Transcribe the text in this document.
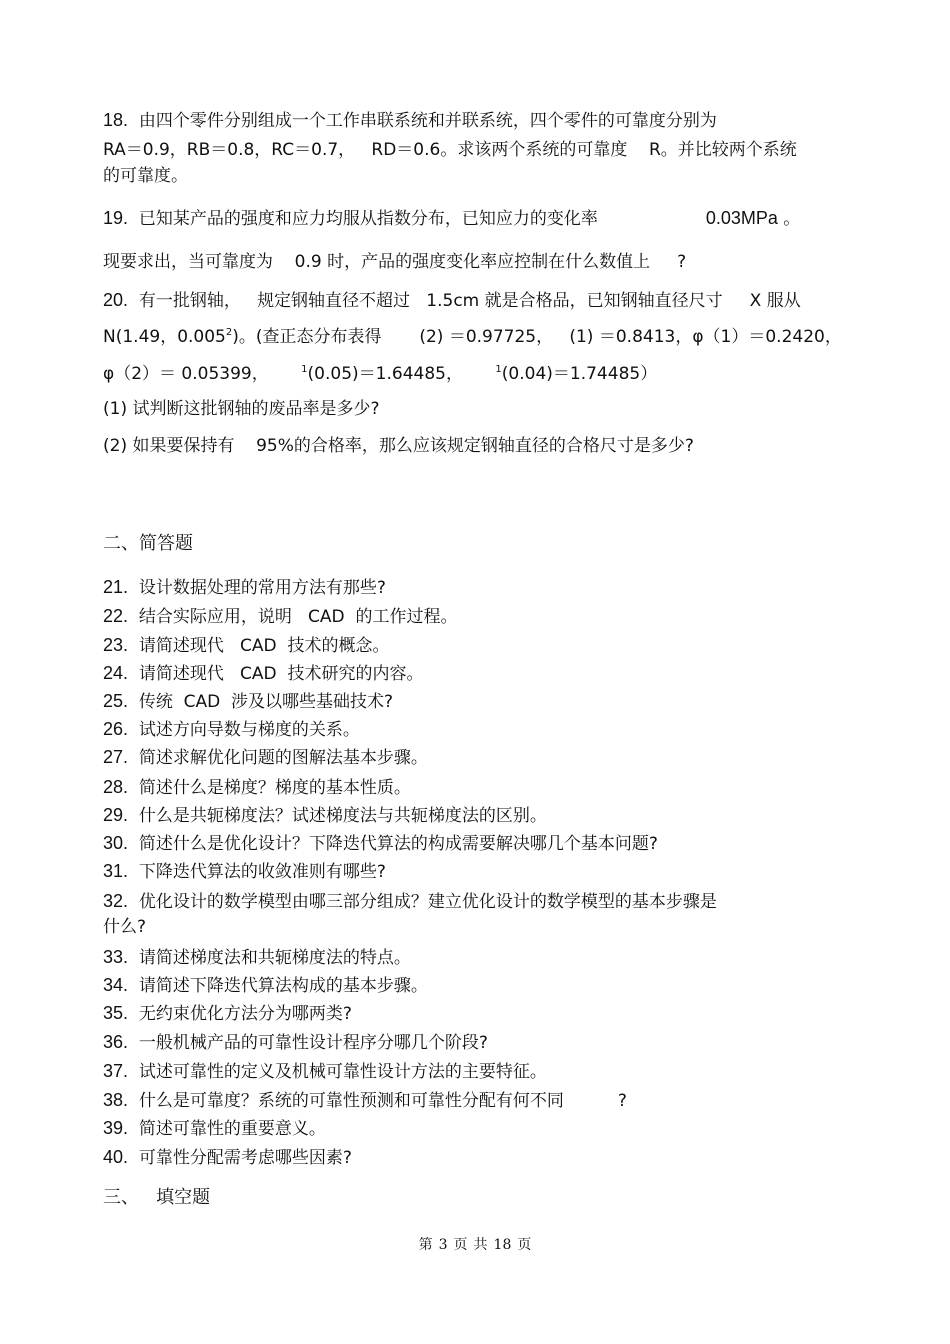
18. 由四个零件分别组成一个工作串联系统和并联系统，四个零件的可靠度分别为
RA＝0.9，RB＝0.8，RC＝0.7， RD＝0.6。求该两个系统的可靠度 R。并比较两个系统
的可靠度。
19. 已知某产品的强度和应力均服从指数分布，已知应力的变化率	0.03MPa 。
现要求出，当可靠度为 0.9 时，产品的强度变化率应控制在什么数值上 ?
20. 有一批钢轴， 规定钢轴直径不超过 1.5cm 就是合格品，已知钢轴直径尺寸 X 服从
N(1.49，0.005$^2$)。(查正态分布表得 (2) ＝0.97725， (1) ＝0.8413，φ（1）＝0.2420，
φ（2）＝ 0.05399，	$^1$(0.05)＝1.64485，	$^1$(0.04)＝1.74485）
(1) 试判断这批钢轴的废品率是多少?
(2) 如果要保持有 95%的合格率，那么应该规定钢轴直径的合格尺寸是多少?
二、简答题
21. 设计数据处理的常用方法有那些?
22. 结合实际应用，说明   CAD  的工作过程。
23. 请简述现代   CAD  技术的概念。
24. 请简述现代   CAD  技术研究的内容。
25. 传统  CAD  涉及以哪些基础技术?
26. 试述方向导数与梯度的关系。
27. 简述求解优化问题的图解法基本步骤。
28. 简述什么是梯度？梯度的基本性质。
29. 什么是共轭梯度法？试述梯度法与共轭梯度法的区别。
30. 简述什么是优化设计？下降迭代算法的构成需要解决哪几个基本问题?
31. 下降迭代算法的收敛准则有哪些?
32. 优化设计的数学模型由哪三部分组成？建立优化设计的数学模型的基本步骤是
什么?
33. 请简述梯度法和共轭梯度法的特点。
34. 请简述下降迭代算法构成的基本步骤。
35. 无约束优化方法分为哪两类?
36. 一般机械产品的可靠性设计程序分哪几个阶段?
37. 试述可靠性的定义及机械可靠性设计方法的主要特征。
38. 什么是可靠度？系统的可靠性预测和可靠性分配有何不同          ?
39. 简述可靠性的重要意义。
40. 可靠性分配需考虑哪些因素?
三、   填空题
第 3 页 共 18 页
